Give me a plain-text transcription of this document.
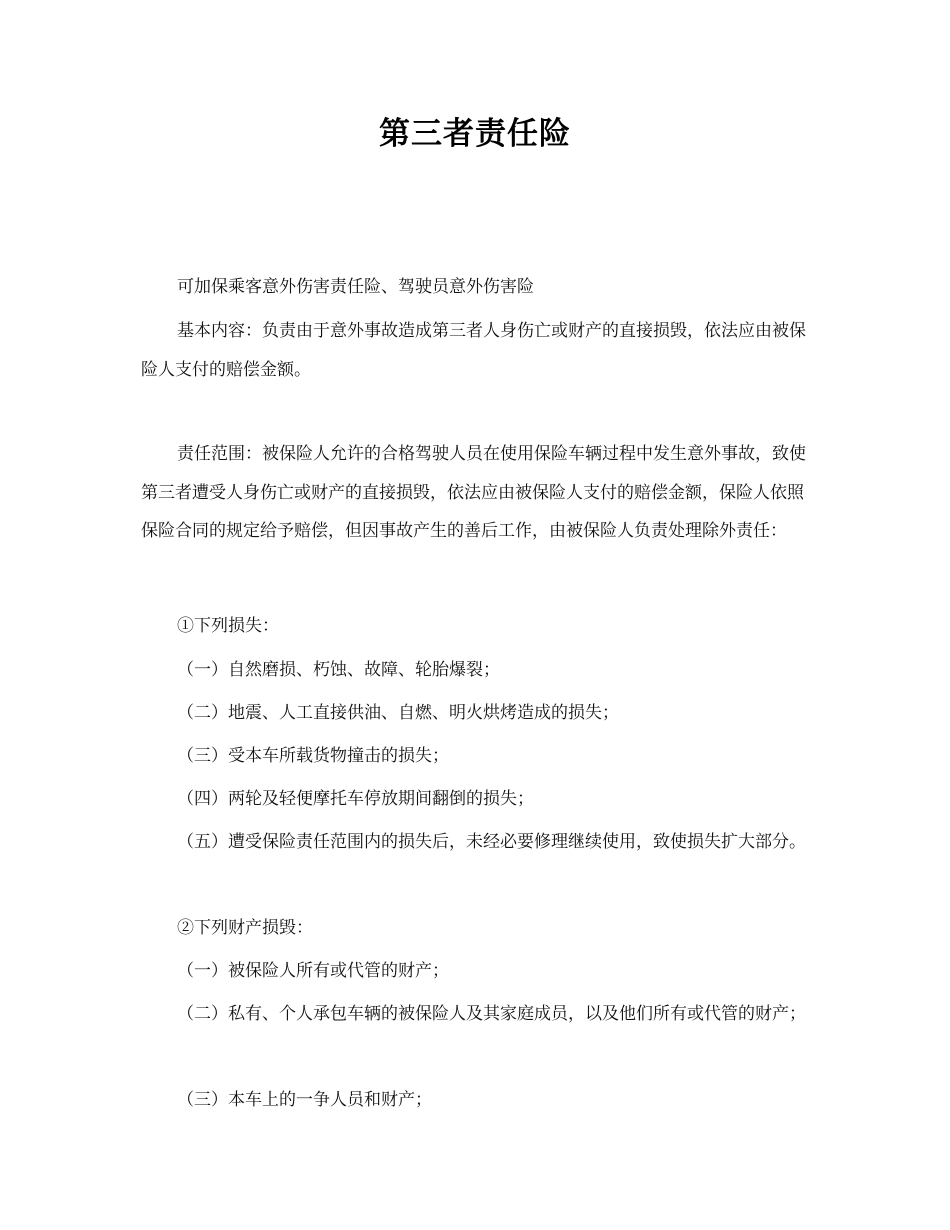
第三者责任险

可加保乘客意外伤害责任险、驾驶员意外伤害险

基本内容：负责由于意外事故造成第三者人身伤亡或财产的直接损毁，依法应由被保险人支付的赔偿金额。

责任范围：被保险人允许的合格驾驶人员在使用保险车辆过程中发生意外事故，致使第三者遭受人身伤亡或财产的直接损毁，依法应由被保险人支付的赔偿金额，保险人依照保险合同的规定给予赔偿，但因事故产生的善后工作，由被保险人负责处理除外责任：

①下列损失：

（一）自然磨损、朽蚀、故障、轮胎爆裂；

（二）地震、人工直接供油、自燃、明火烘烤造成的损失；

（三）受本车所载货物撞击的损失；

（四）两轮及轻便摩托车停放期间翻倒的损失；

（五）遭受保险责任范围内的损失后，未经必要修理继续使用，致使损失扩大部分。

②下列财产损毁：

（一）被保险人所有或代管的财产；

（二）私有、个人承包车辆的被保险人及其家庭成员，以及他们所有或代管的财产；

（三）本车上的一争人员和财产；
